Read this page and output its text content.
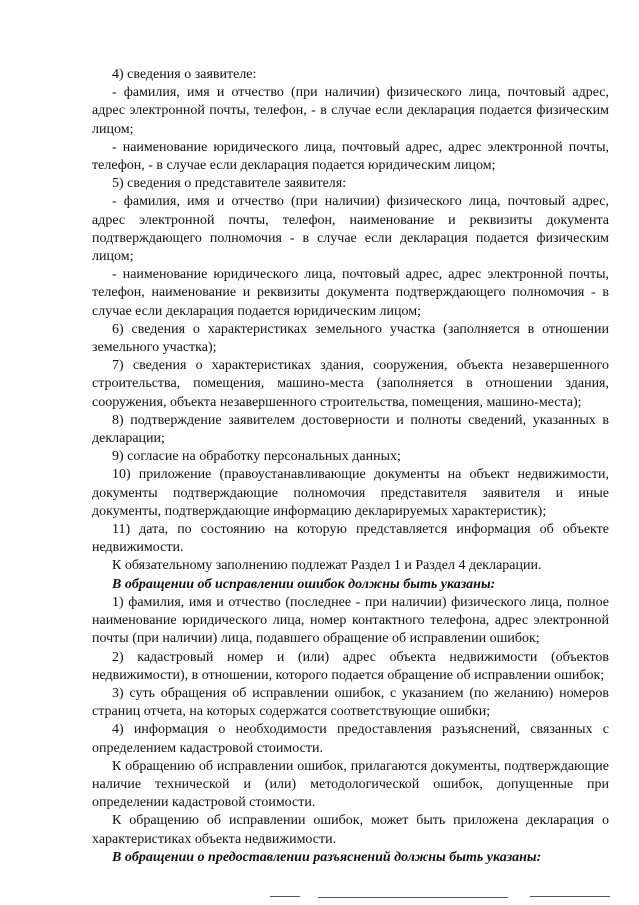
4) сведения о заявителе:

- фамилия, имя и отчество (при наличии) физического лица, почтовый адрес, адрес электронной почты, телефон, - в случае если декларация подается физическим лицом;

- наименование юридического лица, почтовый адрес, адрес электронной почты, телефон, - в случае если декларация подается юридическим лицом;

5) сведения о представителе заявителя:

- фамилия, имя и отчество (при наличии) физического лица, почтовый адрес, адрес электронной почты, телефон, наименование и реквизиты документа подтверждающего полномочия - в случае если декларация подается физическим лицом;

- наименование юридического лица, почтовый адрес, адрес электронной почты, телефон, наименование и реквизиты документа подтверждающего полномочия - в случае если декларация подается юридическим лицом;

6) сведения о характеристиках земельного участка (заполняется в отношении земельного участка);

7) сведения о характеристиках здания, сооружения, объекта незавершенного строительства, помещения, машино-места (заполняется в отношении здания, сооружения, объекта незавершенного строительства, помещения, машино-места);

8) подтверждение заявителем достоверности и полноты сведений, указанных в декларации;

9) согласие на обработку персональных данных;

10) приложение (правоустанавливающие документы на объект недвижимости, документы подтверждающие полномочия представителя заявителя и иные документы, подтверждающие информацию декларируемых характеристик);

11) дата, по состоянию на которую представляется информация об объекте недвижимости.

К обязательному заполнению подлежат Раздел 1 и Раздел 4 декларации.

В обращении об исправлении ошибок должны быть указаны:

1) фамилия, имя и отчество (последнее - при наличии) физического лица, полное наименование юридического лица, номер контактного телефона, адрес электронной почты (при наличии) лица, подавшего обращение об исправлении ошибок;

2) кадастровый номер и (или) адрес объекта недвижимости (объектов недвижимости), в отношении, которого подается обращение об исправлении ошибок;

3) суть обращения об исправлении ошибок, с указанием (по желанию) номеров страниц отчета, на которых содержатся соответствующие ошибки;

4) информация о необходимости предоставления разъяснений, связанных с определением кадастровой стоимости.

К обращению об исправлении ошибок, прилагаются документы, подтверждающие наличие технической и (или) методологической ошибок, допущенные при определении кадастровой стоимости.

К обращению об исправлении ошибок, может быть приложена декларация о характеристиках объекта недвижимости.

В обращении о предоставлении разъяснений должны быть указаны:
